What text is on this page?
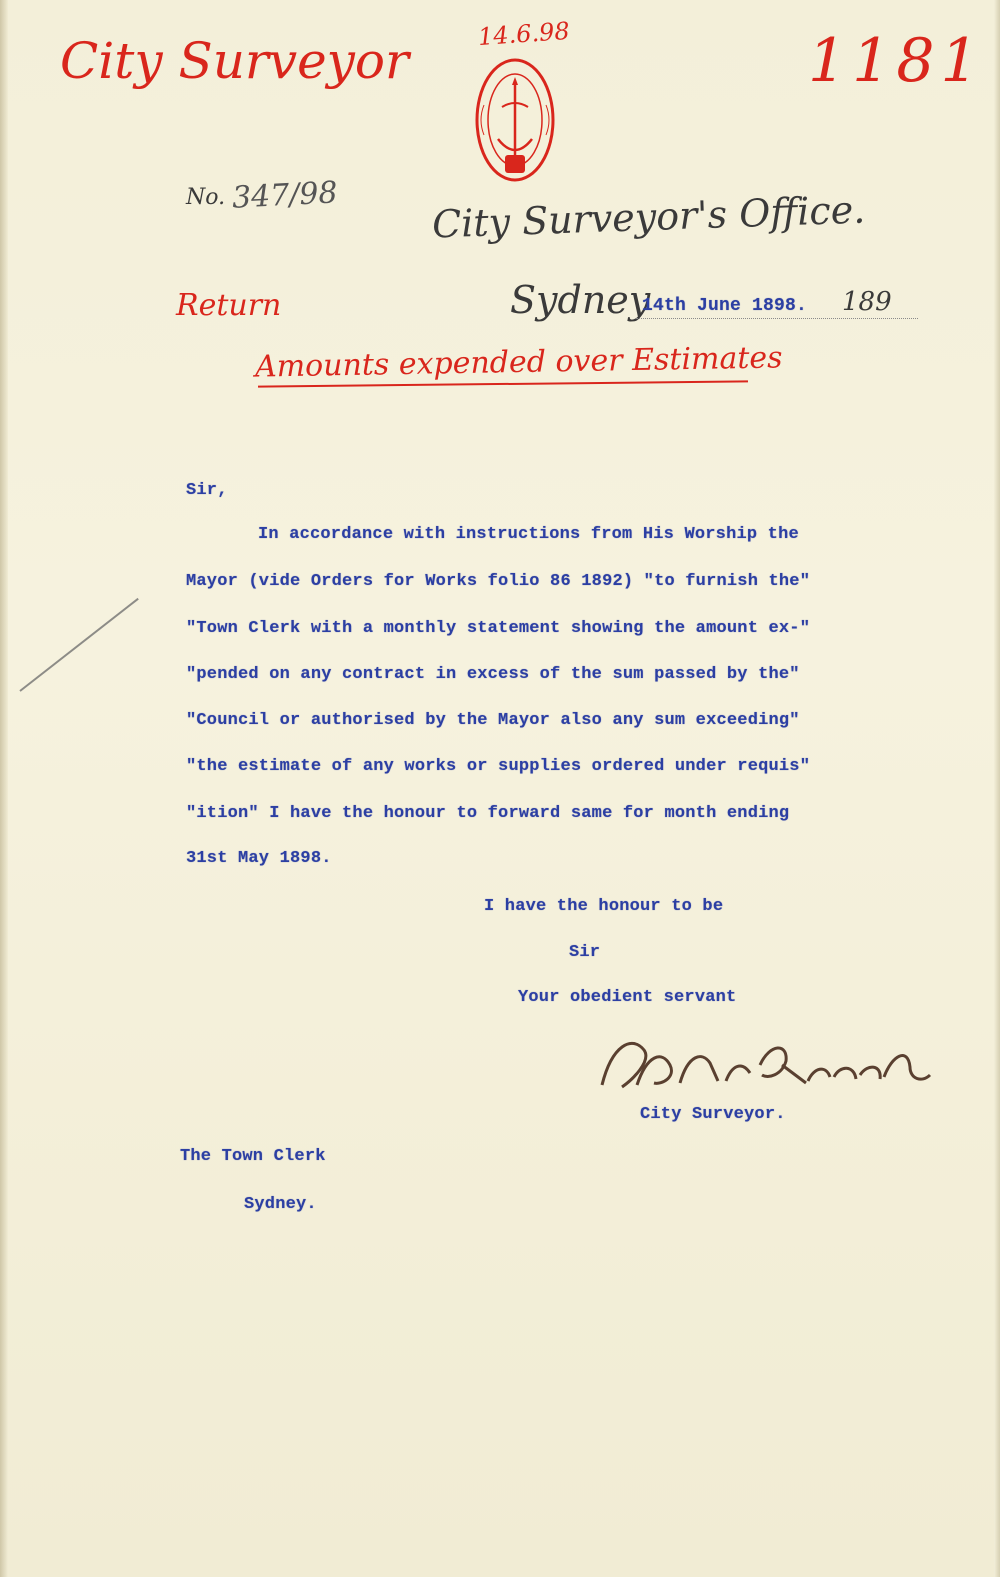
City Surveyor	14.6.98	1181
Return
Amounts expended over Estimates
No. 347/98 City Surveyor's Office.
Sydney
14th June 1898. 189
Sir,
In accordance with instructions from His Worship the
Mayor (vide Orders for Works folio 86 1892) "to furnish the"
"Town Clerk with a monthly statement showing the amount ex-"
"pended on any contract in excess of the sum passed by the"
"Council or authorised by the Mayor also any sum exceeding"
"the estimate of any works or supplies ordered under requis"
"ition" I have the honour to forward same for month ending
31st May 1898.
I have the honour to be
Sir
Your obedient servant
City Surveyor.
The Town Clerk
Sydney.
